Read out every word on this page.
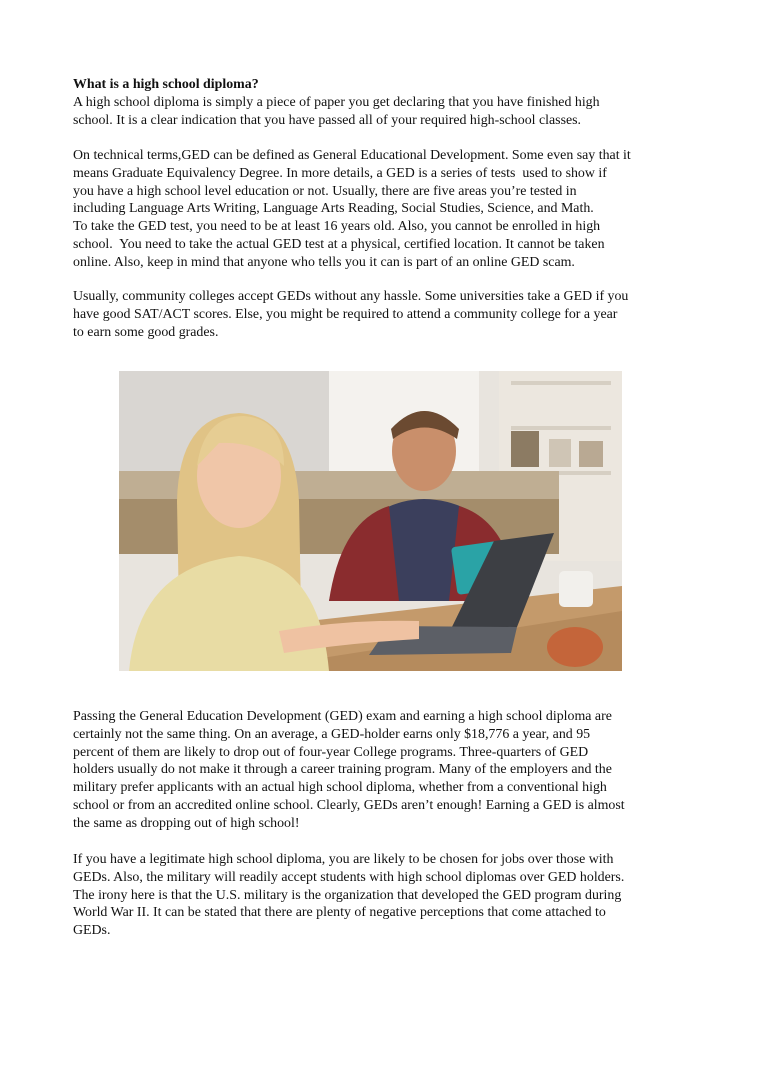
What is a high school diploma?
A high school diploma is simply a piece of paper you get declaring that you have finished high
school. It is a clear indication that you have passed all of your required high-school classes.
On technical terms,GED can be defined as General Educational Development. Some even say that it
means Graduate Equivalency Degree. In more details, a GED is a series of tests  used to show if
you have a high school level education or not. Usually, there are five areas you’re tested in
including Language Arts Writing, Language Arts Reading, Social Studies, Science, and Math.
To take the GED test, you need to be at least 16 years old. Also, you cannot be enrolled in high
school.  You need to take the actual GED test at a physical, certified location. It cannot be taken
online. Also, keep in mind that anyone who tells you it can is part of an online GED scam.
Usually, community colleges accept GEDs without any hassle. Some universities take a GED if you
have good SAT/ACT scores. Else, you might be required to attend a community college for a year
to earn some good grades.
Passing the General Education Development (GED) exam and earning a high school diploma are
certainly not the same thing. On an average, a GED-holder earns only $18,776 a year, and 95
percent of them are likely to drop out of four-year College programs. Three-quarters of GED
holders usually do not make it through a career training program. Many of the employers and the
military prefer applicants with an actual high school diploma, whether from a conventional high
school or from an accredited online school. Clearly, GEDs aren’t enough! Earning a GED is almost
the same as dropping out of high school!
If you have a legitimate high school diploma, you are likely to be chosen for jobs over those with
GEDs. Also, the military will readily accept students with high school diplomas over GED holders.
The irony here is that the U.S. military is the organization that developed the GED program during
World War II. It can be stated that there are plenty of negative perceptions that come attached to
GEDs.
